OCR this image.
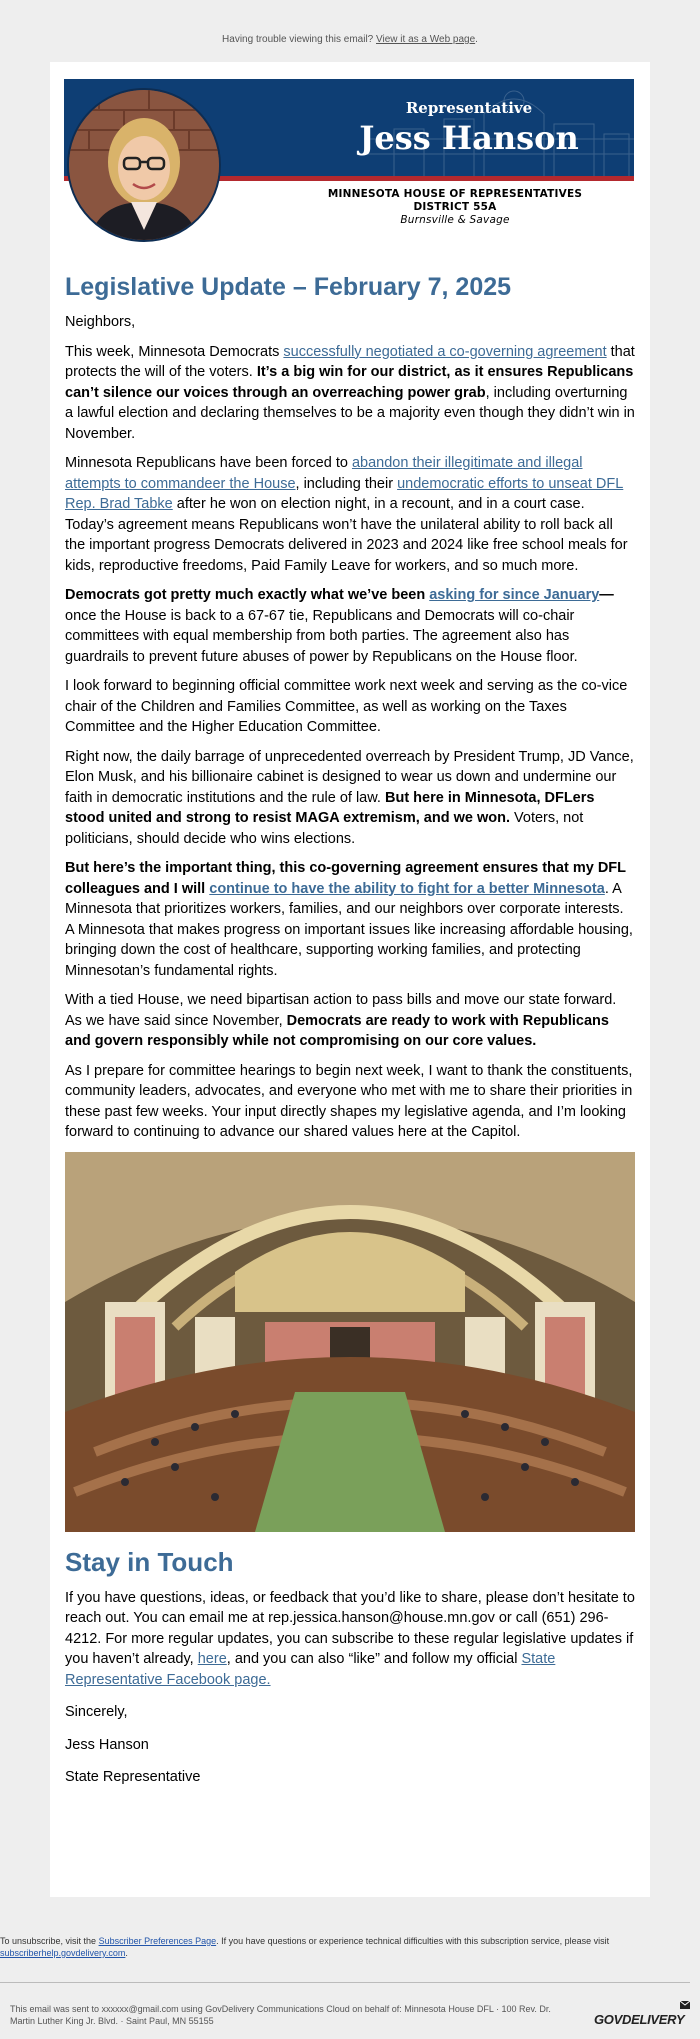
Having trouble viewing this email? View it as a Web page.
Representative
Jess Hanson
MINNESOTA HOUSE OF REPRESENTATIVES
DISTRICT 55A
Burnsville & Savage
Legislative Update – February 7, 2025

Neighbors,

This week, Minnesota Democrats successfully negotiated a co-governing agreement that protects the will of the voters. It’s a big win for our district, as it ensures Republicans can’t silence our voices through an overreaching power grab, including overturning a lawful election and declaring themselves to be a majority even though they didn’t win in November.

Minnesota Republicans have been forced to abandon their illegitimate and illegal attempts to commandeer the House, including their undemocratic efforts to unseat DFL Rep. Brad Tabke after he won on election night, in a recount, and in a court case. Today’s agreement means Republicans won’t have the unilateral ability to roll back all the important progress Democrats delivered in 2023 and 2024 like free school meals for kids, reproductive freedoms, Paid Family Leave for workers, and so much more.

Democrats got pretty much exactly what we’ve been asking for since January—once the House is back to a 67-67 tie, Republicans and Democrats will co-chair committees with equal membership from both parties. The agreement also has guardrails to prevent future abuses of power by Republicans on the House floor.

I look forward to beginning official committee work next week and serving as the co-vice chair of the Children and Families Committee, as well as working on the Taxes Committee and the Higher Education Committee.

Right now, the daily barrage of unprecedented overreach by President Trump, JD Vance, Elon Musk, and his billionaire cabinet is designed to wear us down and undermine our faith in democratic institutions and the rule of law. But here in Minnesota, DFLers stood united and strong to resist MAGA extremism, and we won. Voters, not politicians, should decide who wins elections.

But here’s the important thing, this co-governing agreement ensures that my DFL colleagues and I will continue to have the ability to fight for a better Minnesota. A Minnesota that prioritizes workers, families, and our neighbors over corporate interests. A Minnesota that makes progress on important issues like increasing affordable housing, bringing down the cost of healthcare, supporting working families, and protecting Minnesotan’s fundamental rights.

With a tied House, we need bipartisan action to pass bills and move our state forward. As we have said since November, Democrats are ready to work with Republicans and govern responsibly while not compromising on our core values.

As I prepare for committee hearings to begin next week, I want to thank the constituents, community leaders, advocates, and everyone who met with me to share their priorities in these past few weeks. Your input directly shapes my legislative agenda, and I’m looking forward to continuing to advance our shared values here at the Capitol.

Stay in Touch

If you have questions, ideas, or feedback that you’d like to share, please don’t hesitate to reach out. You can email me at rep.jessica.hanson@house.mn.gov or call (651) 296-4212. For more regular updates, you can subscribe to these regular legislative updates if you haven’t already, here, and you can also “like” and follow my official State Representative Facebook page.

Sincerely,

Jess Hanson

State Representative

To unsubscribe, visit the Subscriber Preferences Page. If you have questions or experience technical difficulties with this subscription service, please visit subscriberhelp.govdelivery.com.
This email was sent to xxxxxx@gmail.com using GovDelivery Communications Cloud on behalf of: Minnesota House DFL · 100 Rev. Dr. Martin Luther King Jr. Blvd. · Saint Paul, MN 55155	GOVDELIVERY
